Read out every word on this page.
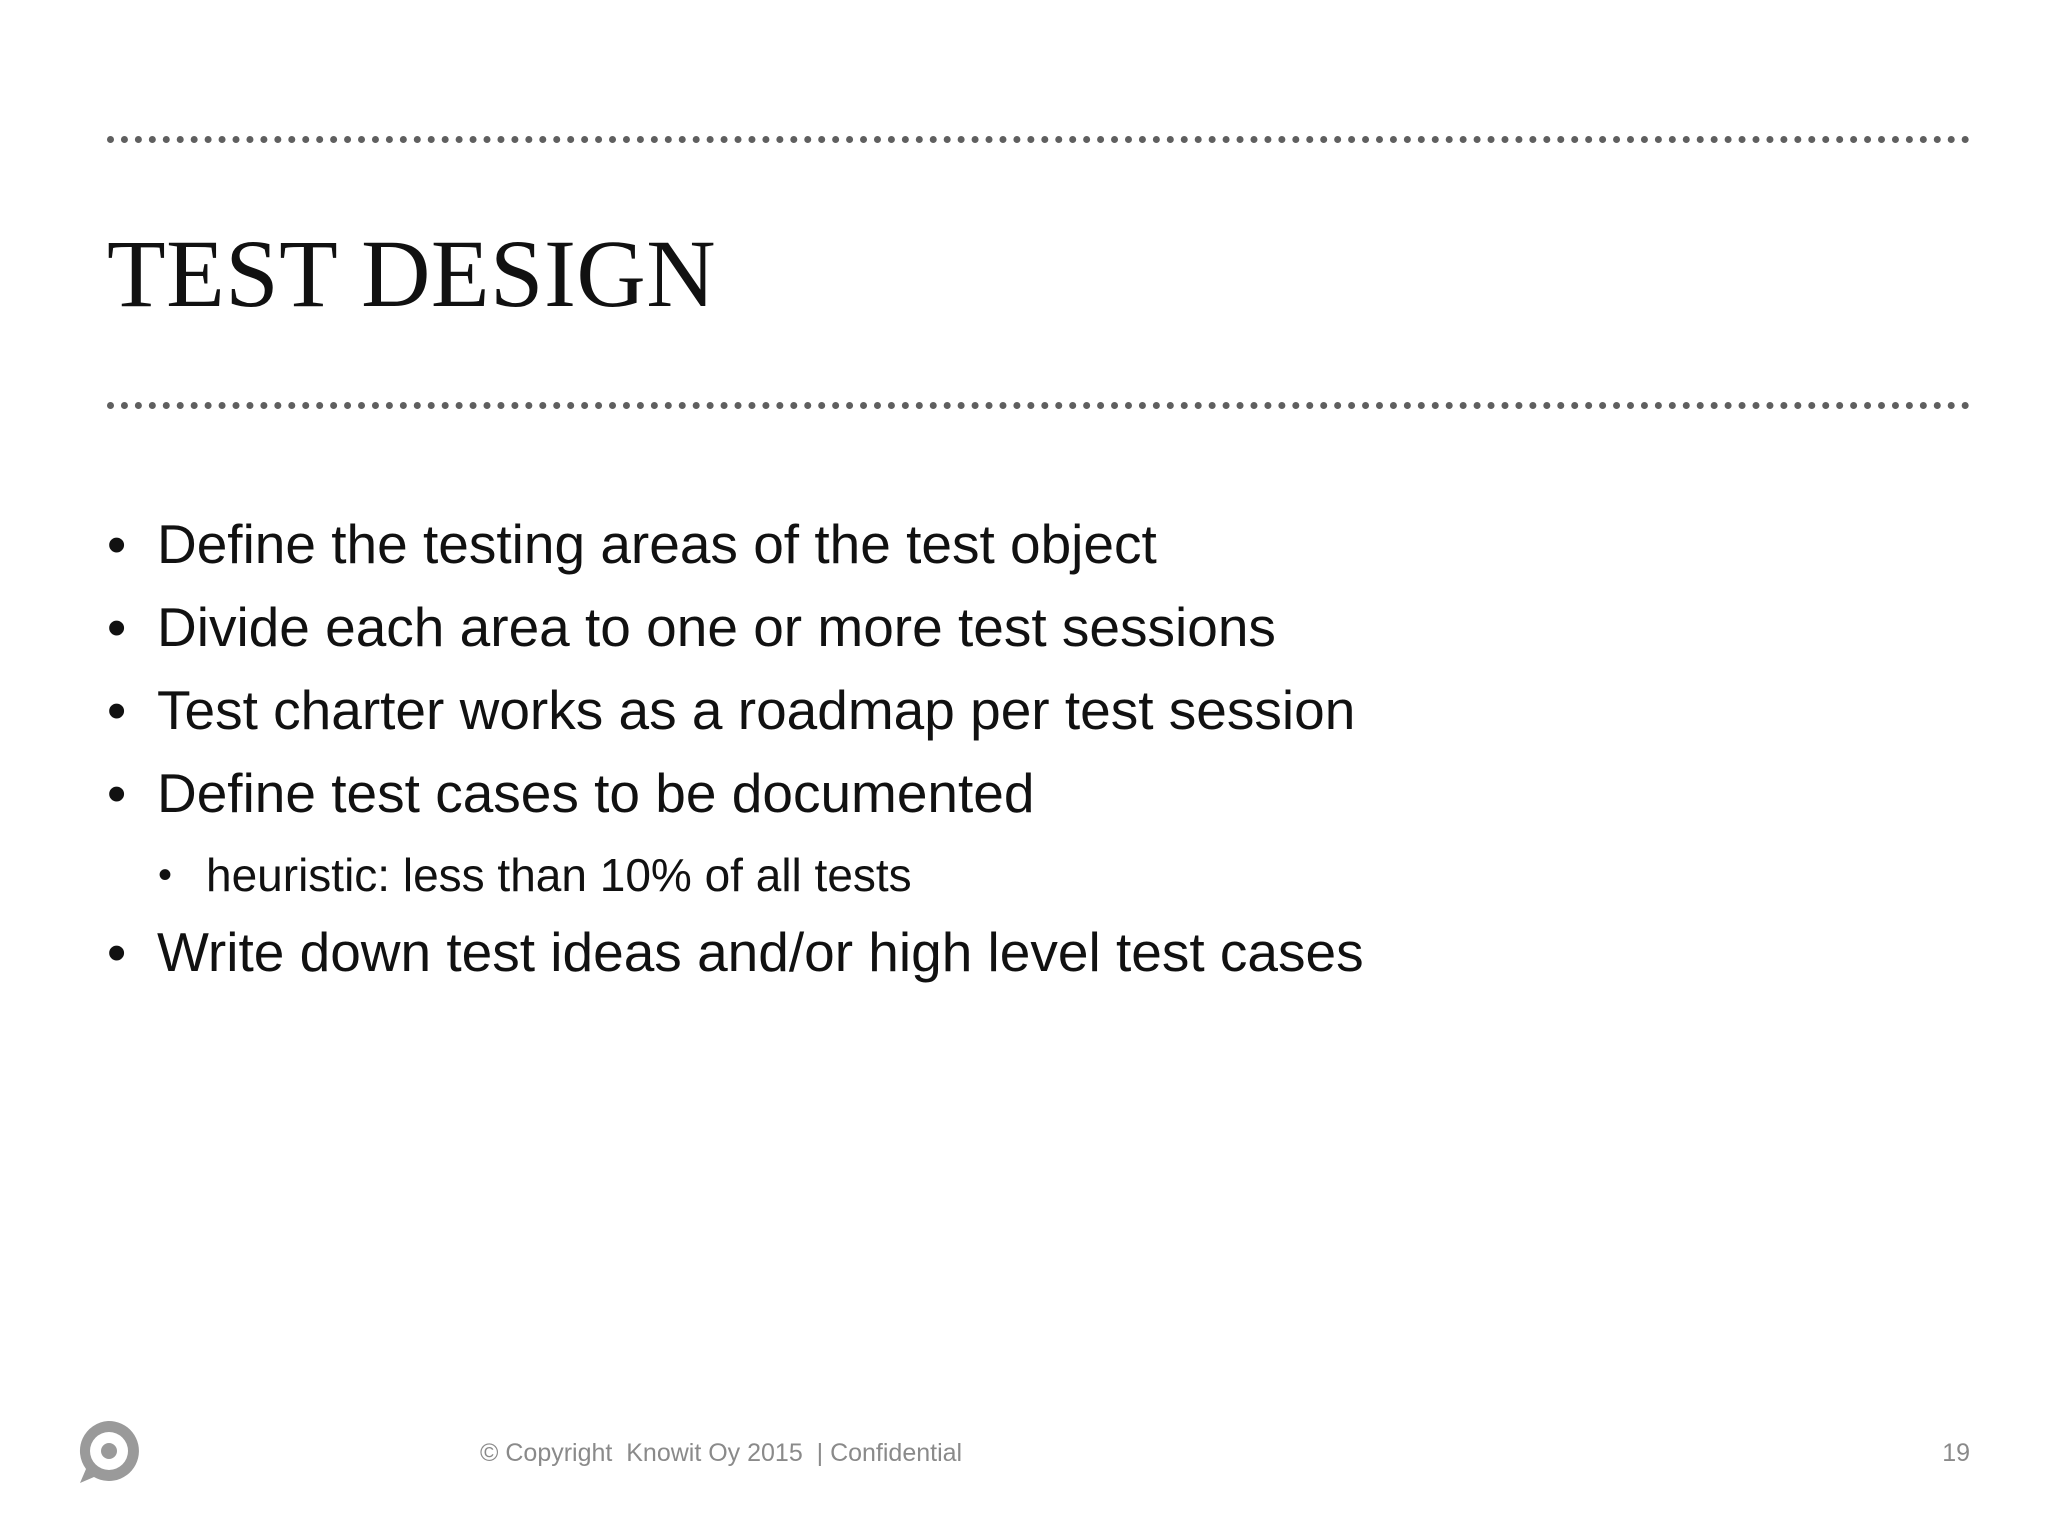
TEST DESIGN
• Define the testing areas of the test object
• Divide each area to one or more test sessions
• Test charter works as a roadmap per test session
• Define test cases to be documented
• heuristic: less than 10% of all tests
• Write down test ideas and/or high level test cases
© Copyright  Knowit Oy 2015  | Confidential	19
